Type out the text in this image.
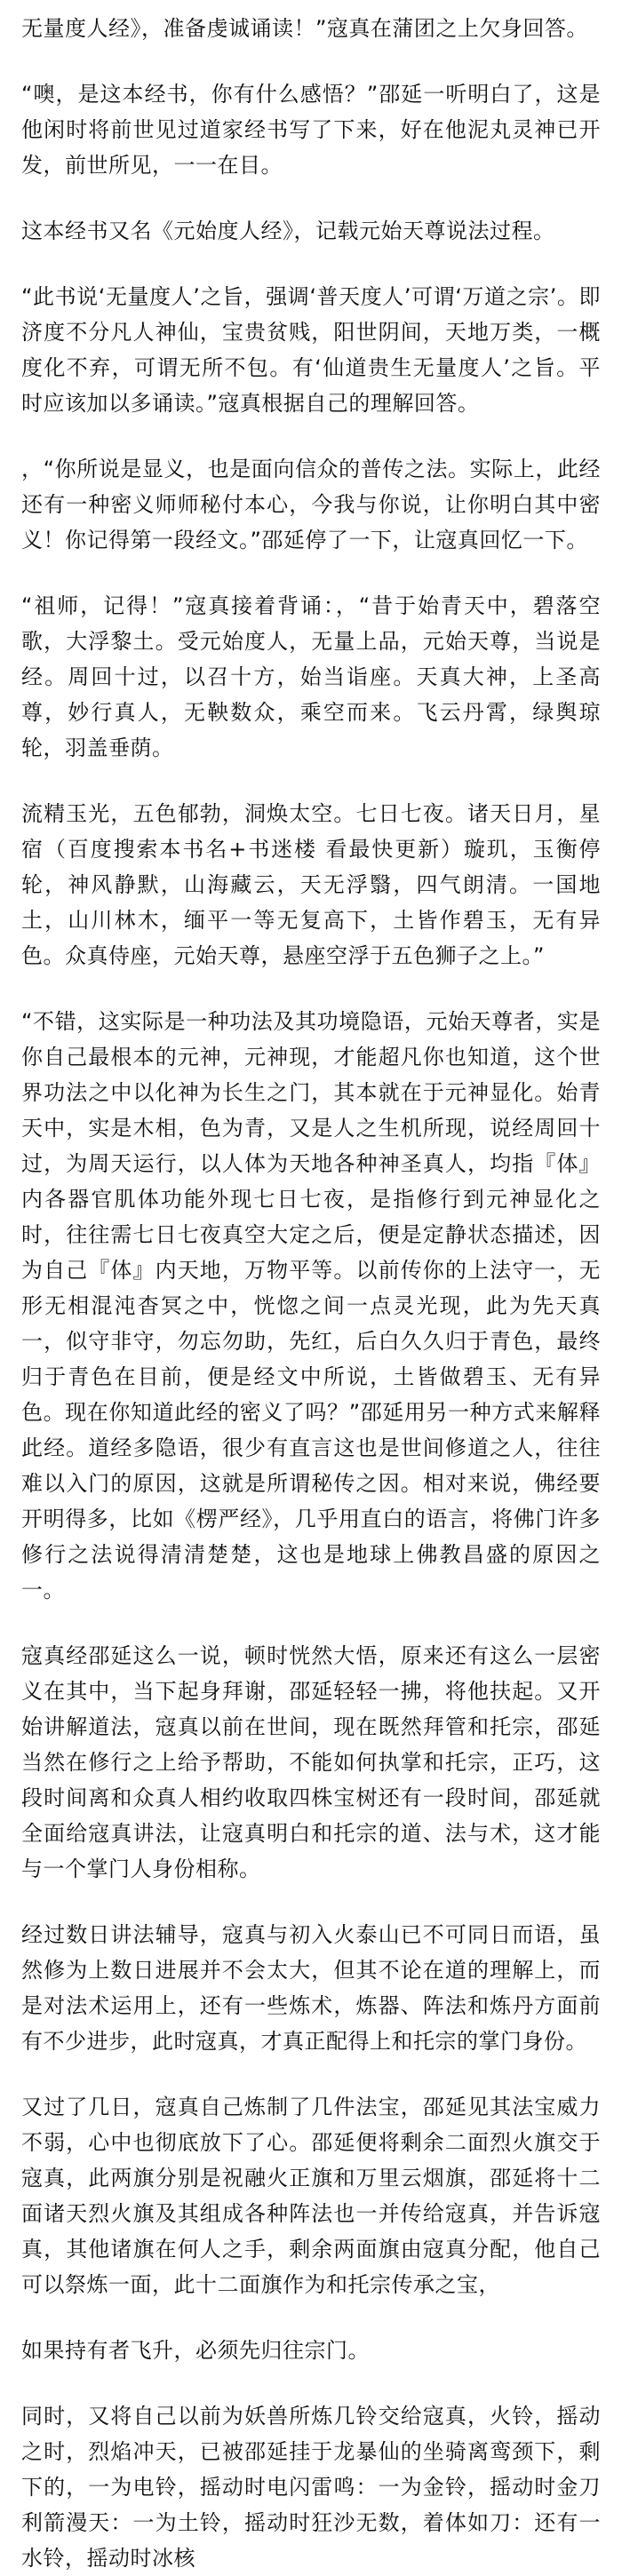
无量度人经》，准备虔诚诵读！”寇真在蒲团之上欠身回答。

“噢，是这本经书，你有什么感悟？”邵延一听明白了，这是他闲时将前世见过道家经书写了下来，好在他泥丸灵神已开发，前世所见，一一在目。

这本经书又名《元始度人经》，记载元始天尊说法过程。

“此书说‘无量度人’之旨，强调‘普天度人’可谓‘万道之宗’。即济度不分凡人神仙，宝贵贫贱，阳世阴间，天地万类，一概度化不弃，可谓无所不包。有‘仙道贵生无量度人’之旨。平时应该加以多诵读。”寇真根据自己的理解回答。

，“你所说是显义，也是面向信众的普传之法。实际上，此经还有一种密义师师秘付本心，今我与你说，让你明白其中密义！你记得第一段经文。”邵延停了一下，让寇真回忆一下。

“祖师，记得！”寇真接着背诵：，“昔于始青天中，碧落空歌，大浮黎土。受元始度人，无量上品，元始天尊，当说是经。周回十过，以召十方，始当诣座。天真大神，上圣高尊，妙行真人，无鞅数众，乘空而来。飞云丹霄，绿舆琼轮，羽盖垂荫。

流精玉光，五色郁勃，洞焕太空。七日七夜。诸天日月，星宿（百度搜索本书名+书迷楼 看最快更新）璇玑，玉衡停轮，神风静默，山海藏云，天无浮翳，四气朗清。一国地土，山川林木，缅平一等无复高下，土皆作碧玉，无有异色。众真侍座，元始天尊，悬座空浮于五色狮子之上。”

“不错，这实际是一种功法及其功境隐语，元始天尊者，实是你自己最根本的元神，元神现，才能超凡你也知道，这个世界功法之中以化神为长生之门，其本就在于元神显化。始青天中，实是木相，色为青，又是人之生机所现，说经周回十过，为周天运行，以人体为天地各种神圣真人，均指『体』内各器官肌体功能外现七日七夜，是指修行到元神显化之时，往往需七日七夜真空大定之后，便是定静状态描述，因为自己『体』内天地，万物平等。以前传你的上法守一，无形无相混沌杳冥之中，恍惚之间一点灵光现，此为先天真一，似守非守，勿忘勿助，先红，后白久久归于青色，最终归于青色在目前，便是经文中所说，土皆做碧玉、无有异色。现在你知道此经的密义了吗？”邵延用另一种方式来解释此经。道经多隐语，很少有直言这也是世间修道之人，往往难以入门的原因，这就是所谓秘传之因。相对来说，佛经要开明得多，比如《楞严经》，几乎用直白的语言，将佛门许多修行之法说得清清楚楚，这也是地球上佛教昌盛的原因之一。

寇真经邵延这么一说，顿时恍然大悟，原来还有这么一层密义在其中，当下起身拜谢，邵延轻轻一拂，将他扶起。又开始讲解道法，寇真以前在世间，现在既然拜管和托宗，邵延当然在修行之上给予帮助，不能如何执掌和托宗，正巧，这段时间离和众真人相约收取四株宝树还有一段时间，邵延就全面给寇真讲法，让寇真明白和托宗的道、法与术，这才能与一个掌门人身份相称。

经过数日讲法辅导，寇真与初入火泰山已不可同日而语，虽然修为上数日进展并不会太大，但其不论在道的理解上，而是对法术运用上，还有一些炼术，炼器、阵法和炼丹方面前有不少进步，此时寇真，才真正配得上和托宗的掌门身份。

又过了几日，寇真自己炼制了几件法宝，邵延见其法宝威力不弱，心中也彻底放下了心。邵延便将剩余二面烈火旗交于寇真，此两旗分别是祝融火正旗和万里云烟旗，邵延将十二面诸天烈火旗及其组成各种阵法也一并传给寇真，并告诉寇真，其他诸旗在何人之手，剩余两面旗由寇真分配，他自己可以祭炼一面，此十二面旗作为和托宗传承之宝，

如果持有者飞升，必须先归往宗门。

同时，又将自己以前为妖兽所炼几铃交给寇真，火铃，摇动之时，烈焰冲天，已被邵延挂于龙暴仙的坐骑离鸾颈下，剩下的，一为电铃，摇动时电闪雷鸣：一为金铃，摇动时金刀利箭漫天：一为土铃，摇动时狂沙无数，着体如刀：还有一水铃，摇动时冰核
